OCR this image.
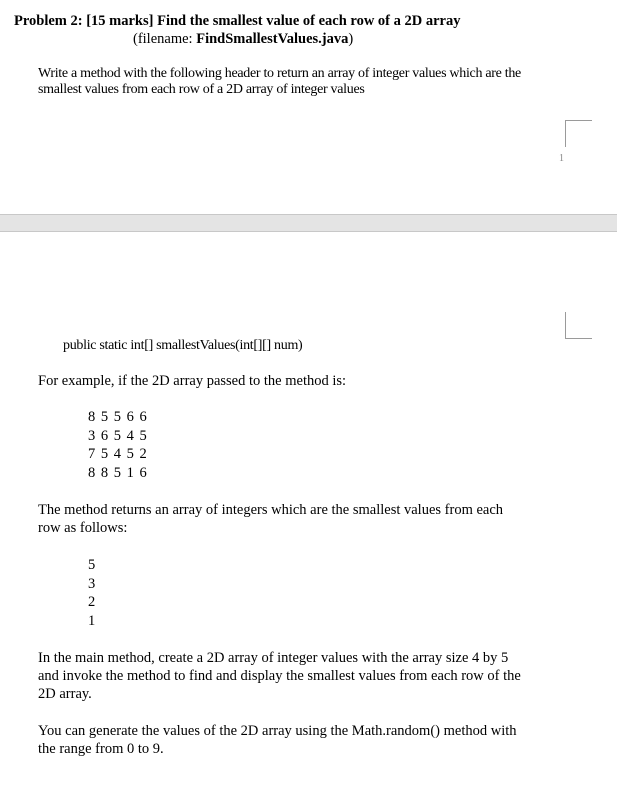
Problem 2: [15 marks] Find the smallest value of each row of a 2D array
(filename: FindSmallestValues.java)
Write a method with the following header to return an array of integer values which are the
smallest values from each row of a 2D array of integer values
1
public static int[] smallestValues(int[][] num)
For example, if the 2D array passed to the method is:
8 5 5 6 6
3 6 5 4 5
7 5 4 5 2
8 8 5 1 6
The method returns an array of integers which are the smallest values from each
row as follows:
5
3
2
1
In the main method, create a 2D array of integer values with the array size 4 by 5
and invoke the method to find and display the smallest values from each row of the
2D array.
You can generate the values of the 2D array using the Math.random() method with
the range from 0 to 9.
